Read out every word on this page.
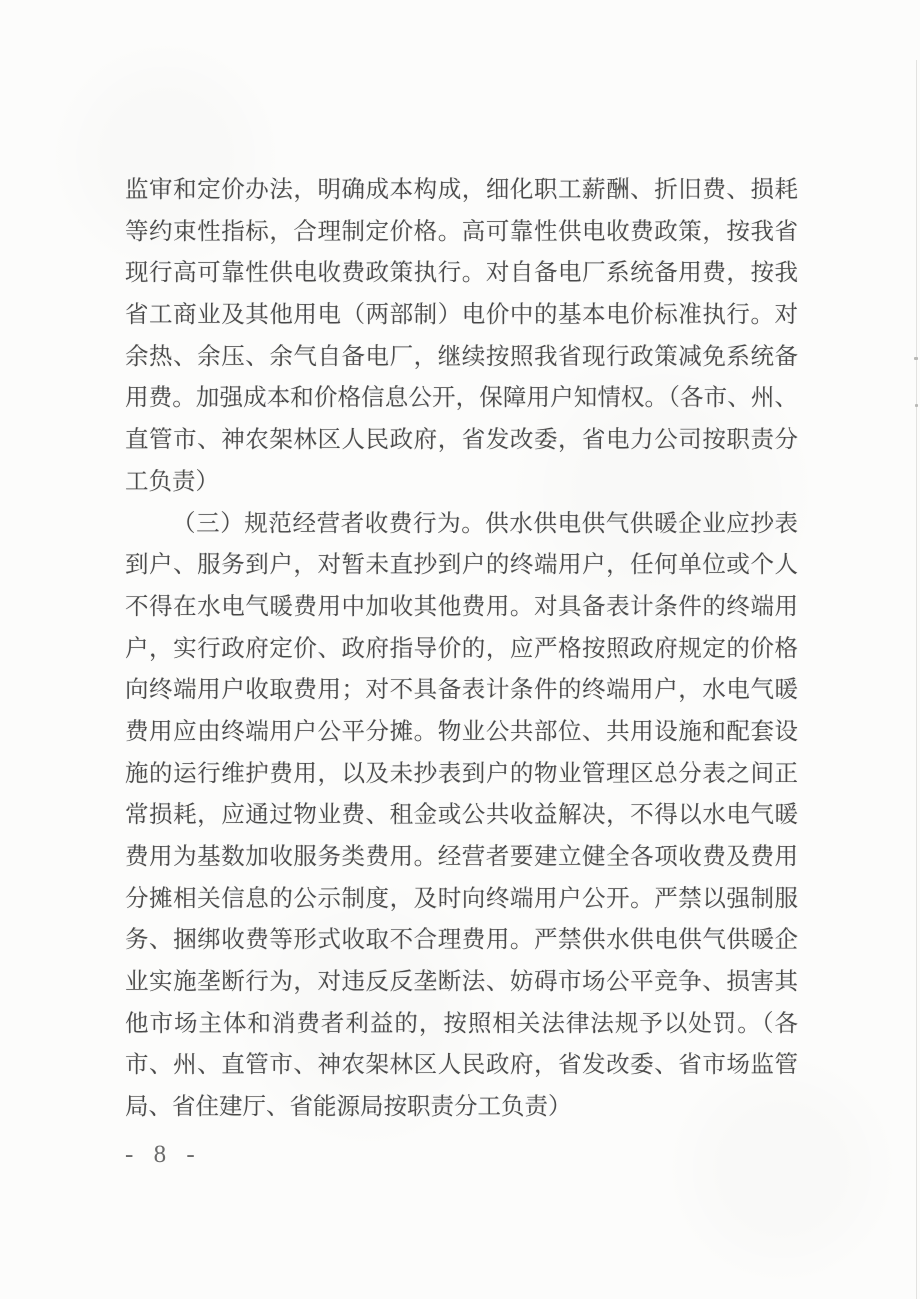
监审和定价办法，明确成本构成，细化职工薪酬、折旧费、损耗
等约束性指标，合理制定价格。高可靠性供电收费政策，按我省
现行高可靠性供电收费政策执行。对自备电厂系统备用费，按我
省工商业及其他用电（两部制）电价中的基本电价标准执行。对
余热、余压、余气自备电厂，继续按照我省现行政策减免系统备
用费。加强成本和价格信息公开，保障用户知情权。（各市、州、
直管市、神农架林区人民政府，省发改委，省电力公司按职责分
工负责）
（三）规范经营者收费行为。供水供电供气供暖企业应抄表
到户、服务到户，对暂未直抄到户的终端用户，任何单位或个人
不得在水电气暖费用中加收其他费用。对具备表计条件的终端用
户，实行政府定价、政府指导价的，应严格按照政府规定的价格
向终端用户收取费用；对不具备表计条件的终端用户，水电气暖
费用应由终端用户公平分摊。物业公共部位、共用设施和配套设
施的运行维护费用，以及未抄表到户的物业管理区总分表之间正
常损耗，应通过物业费、租金或公共收益解决，不得以水电气暖
费用为基数加收服务类费用。经营者要建立健全各项收费及费用
分摊相关信息的公示制度，及时向终端用户公开。严禁以强制服
务、捆绑收费等形式收取不合理费用。严禁供水供电供气供暖企
业实施垄断行为，对违反反垄断法、妨碍市场公平竞争、损害其
他市场主体和消费者利益的，按照相关法律法规予以处罚。（各
市、州、直管市、神农架林区人民政府，省发改委、省市场监管
局、省住建厅、省能源局按职责分工负责）
- 8 -
